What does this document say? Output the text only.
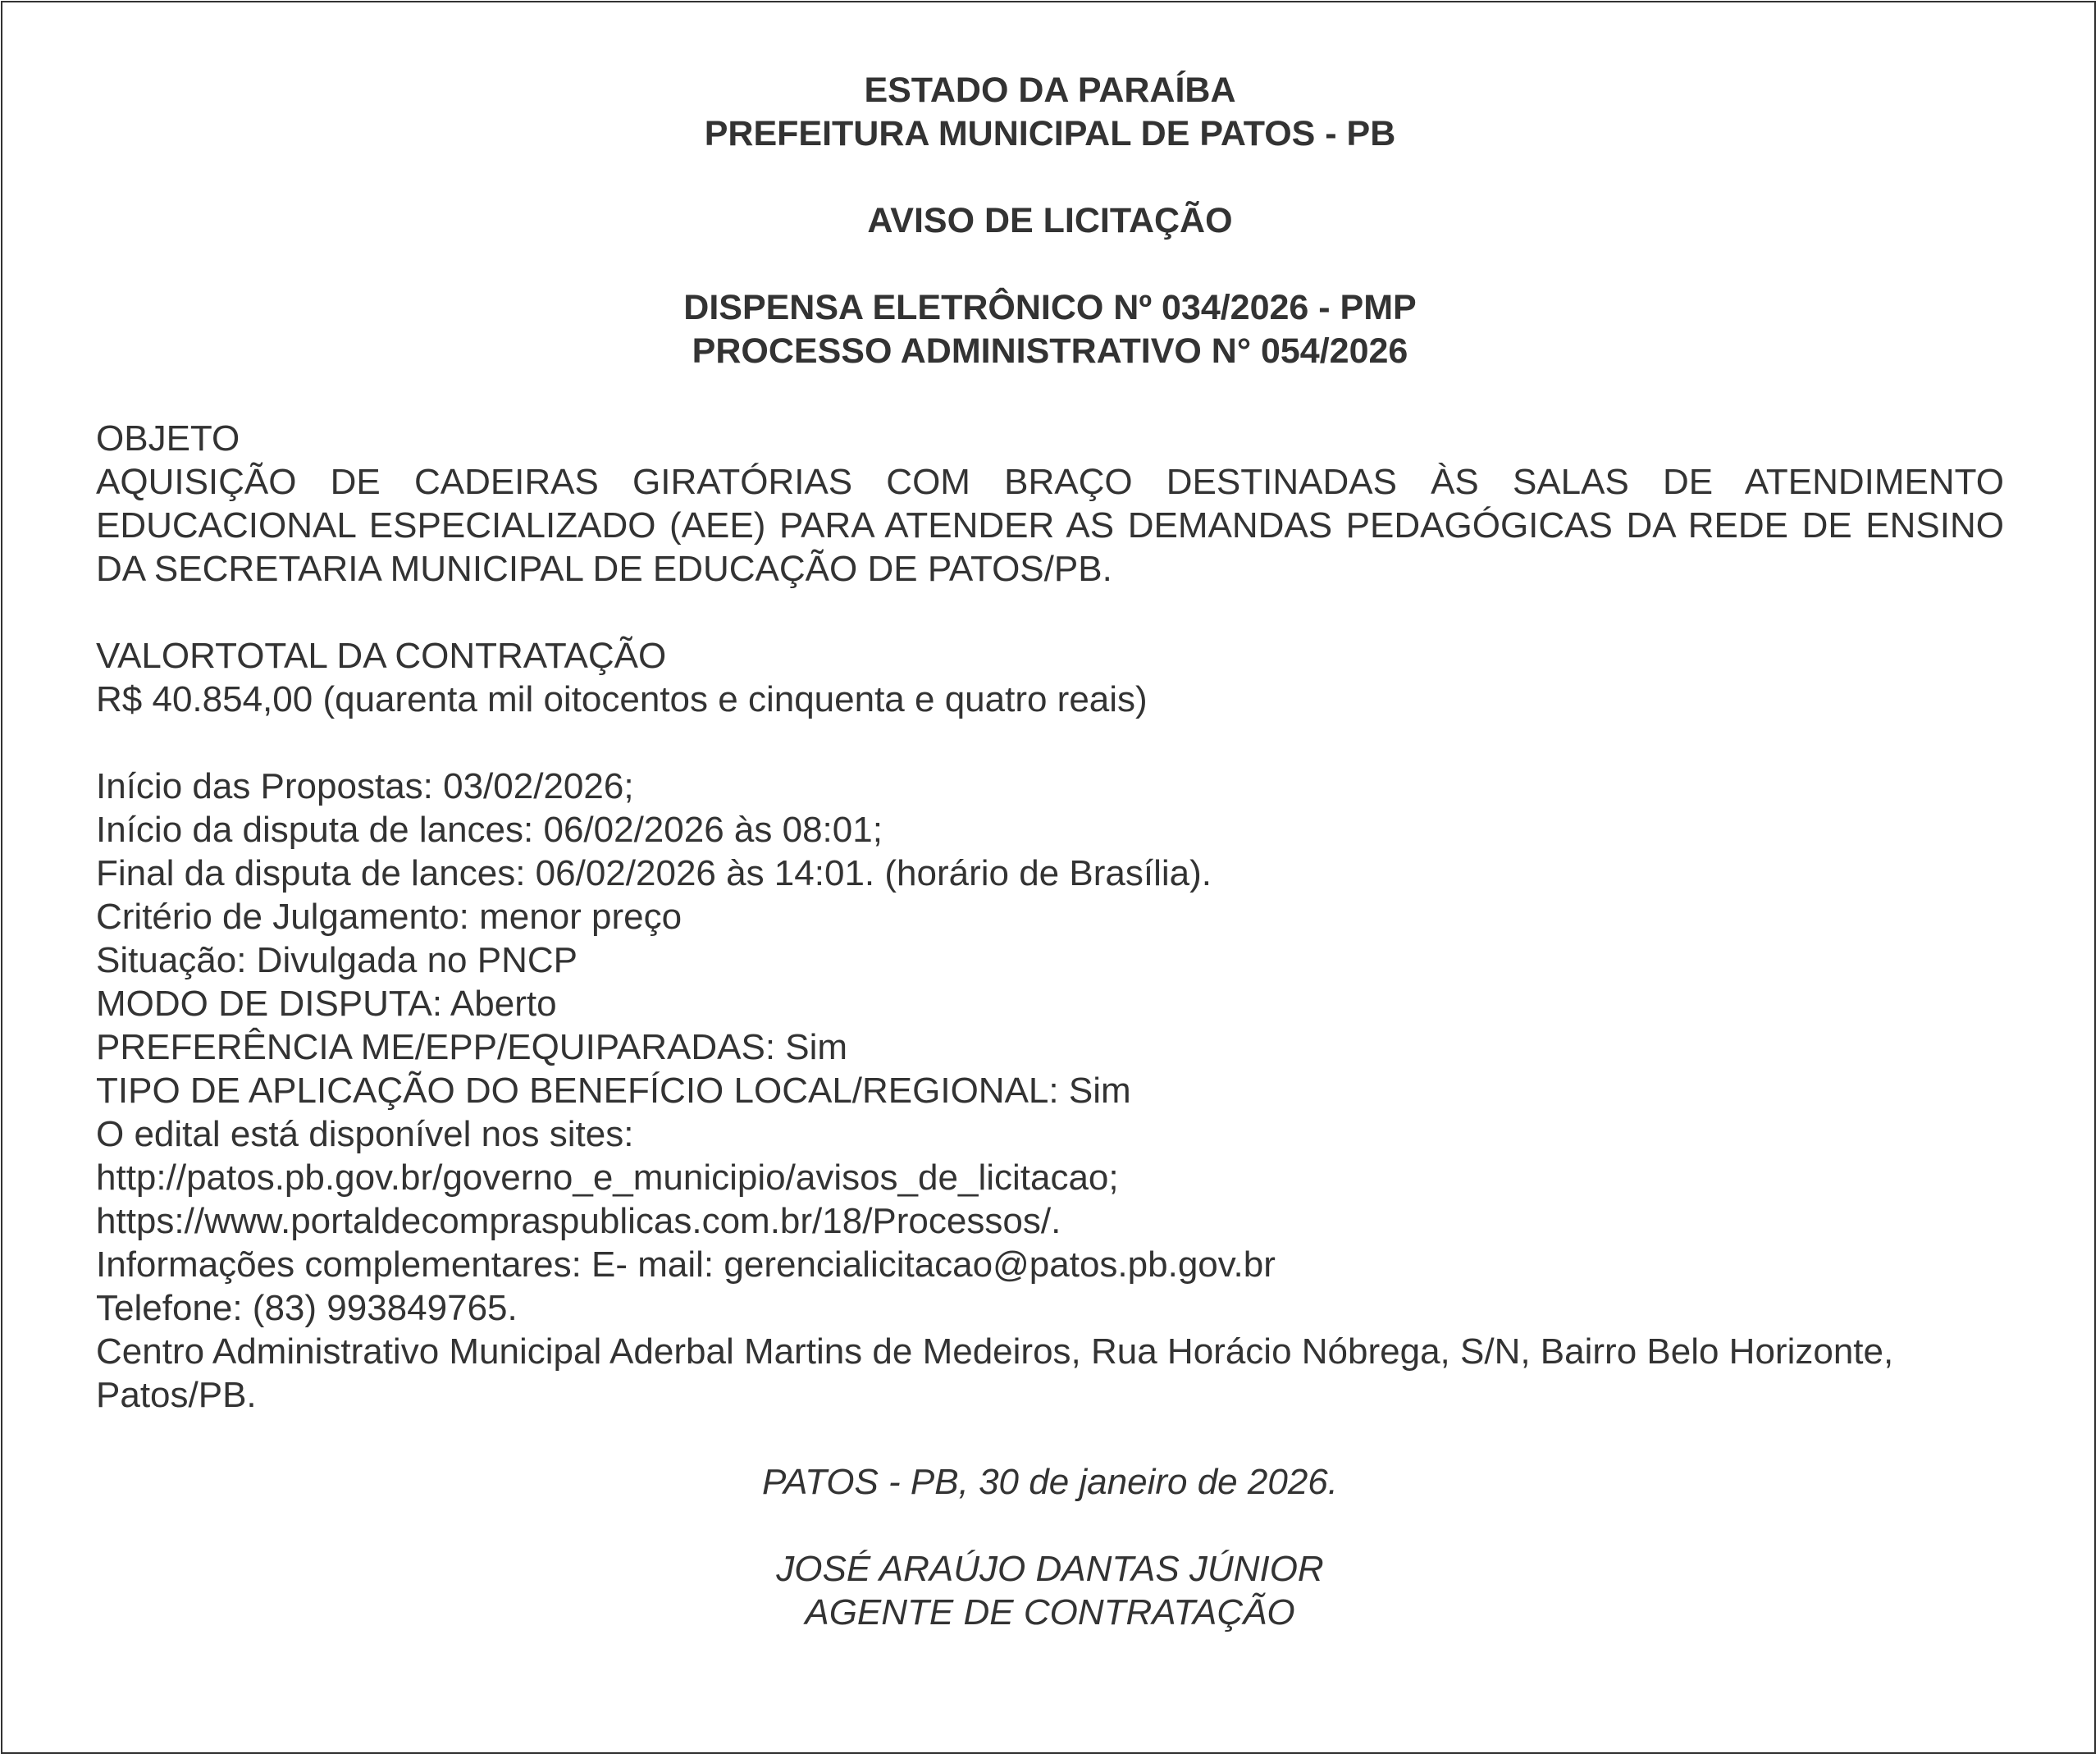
ESTADO DA PARAÍBA
PREFEITURA MUNICIPAL DE PATOS - PB
AVISO DE LICITAÇÃO
DISPENSA ELETRÔNICO Nº 034/2026 - PMP
PROCESSO ADMINISTRATIVO N° 054/2026
OBJETO
AQUISIÇÃO DE CADEIRAS GIRATÓRIAS COM BRAÇO DESTINADAS ÀS SALAS DE ATENDIMENTO EDUCACIONAL ESPECIALIZADO (AEE) PARA ATENDER AS DEMANDAS PEDAGÓGICAS DA REDE DE ENSINO DA SECRETARIA MUNICIPAL DE EDUCAÇÃO DE PATOS/PB.
VALORTOTAL DA CONTRATAÇÃO
R$ 40.854,00 (quarenta mil oitocentos e cinquenta e quatro reais)
Início das Propostas: 03/02/2026;
Início da disputa de lances: 06/02/2026 às 08:01;
Final da disputa de lances: 06/02/2026 às 14:01. (horário de Brasília).
Critério de Julgamento: menor preço
Situação: Divulgada no PNCP
MODO DE DISPUTA: Aberto
PREFERÊNCIA ME/EPP/EQUIPARADAS: Sim
TIPO DE APLICAÇÃO DO BENEFÍCIO LOCAL/REGIONAL: Sim
O edital está disponível nos sites:
http://patos.pb.gov.br/governo_e_municipio/avisos_de_licitacao;
https://www.portaldecompraspublicas.com.br/18/Processos/.
Informações complementares: E- mail: gerencialicitacao@patos.pb.gov.br
Telefone: (83) 993849765.
Centro Administrativo Municipal Aderbal Martins de Medeiros, Rua Horácio Nóbrega, S/N, Bairro Belo Horizonte, Patos/PB.
PATOS - PB, 30 de janeiro de 2026.
JOSÉ ARAÚJO DANTAS JÚNIOR
AGENTE DE CONTRATAÇÃO
